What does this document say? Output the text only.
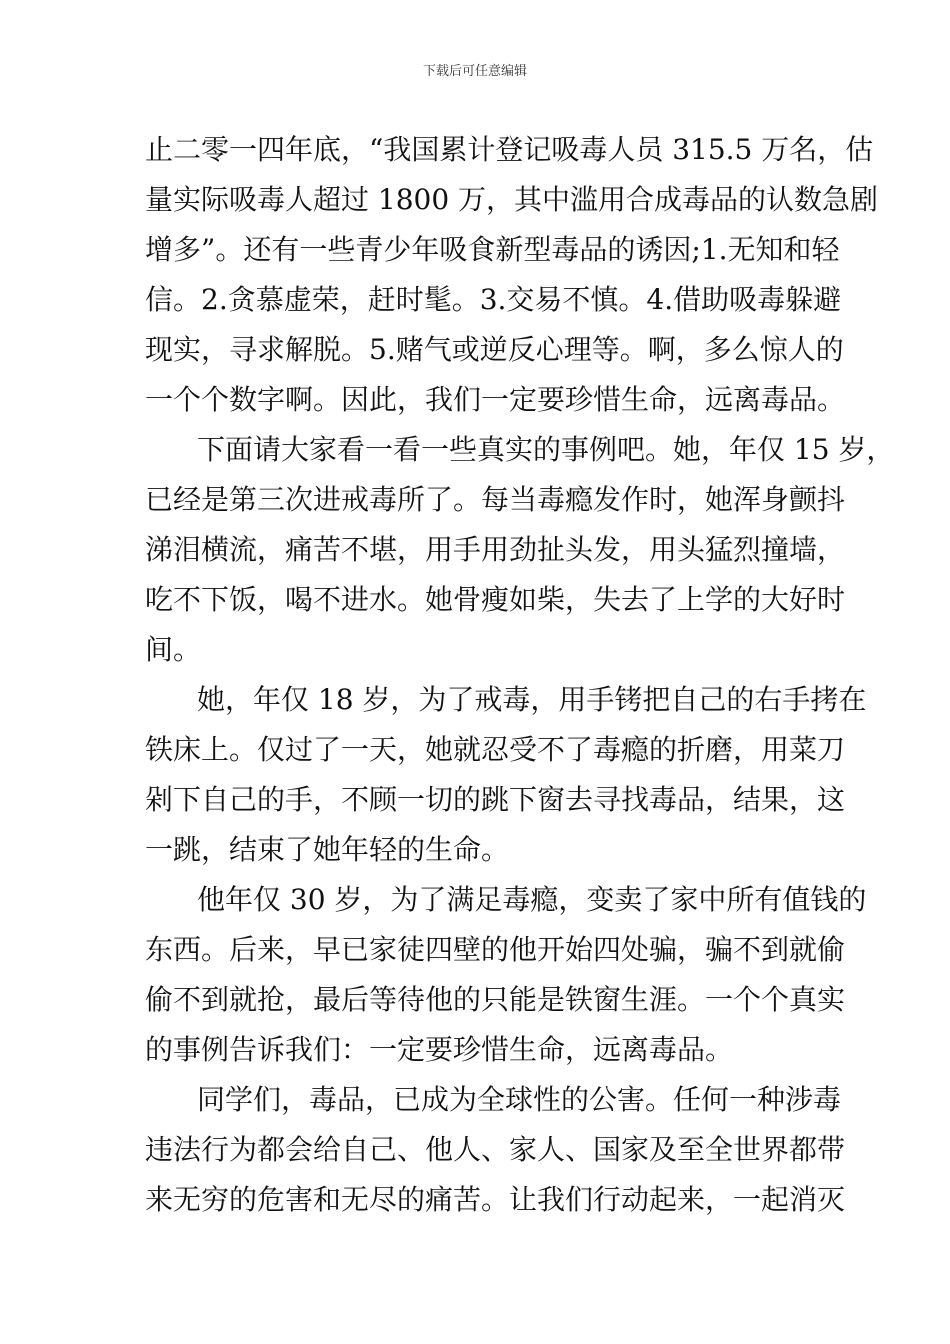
下载后可任意编辑
止二零一四年底，“我国累计登记吸毒人员 315.5 万名，估
量实际吸毒人超过 1800 万，其中滥用合成毒品的认数急剧
增多”。还有一些青少年吸食新型毒品的诱因;1.无知和轻
信。2.贪慕虚荣，赶时髦。3.交易不慎。4.借助吸毒躲避
现实，寻求解脱。5.赌气或逆反心理等。啊，多么惊人的
一个个数字啊。因此，我们一定要珍惜生命，远离毒品。
下面请大家看一看一些真实的事例吧。她，年仅 15 岁，
已经是第三次进戒毒所了。每当毒瘾发作时，她浑身颤抖
涕泪横流，痛苦不堪，用手用劲扯头发，用头猛烈撞墙，
吃不下饭，喝不进水。她骨瘦如柴，失去了上学的大好时
间。
她，年仅 18 岁，为了戒毒，用手铐把自己的右手拷在
铁床上。仅过了一天，她就忍受不了毒瘾的折磨，用菜刀
剁下自己的手，不顾一切的跳下窗去寻找毒品，结果，这
一跳，结束了她年轻的生命。
他年仅 30 岁，为了满足毒瘾，变卖了家中所有值钱的
东西。后来，早已家徒四壁的他开始四处骗，骗不到就偷
偷不到就抢，最后等待他的只能是铁窗生涯。一个个真实
的事例告诉我们：一定要珍惜生命，远离毒品。
同学们，毒品，已成为全球性的公害。任何一种涉毒
违法行为都会给自己、他人、家人、国家及至全世界都带
来无穷的危害和无尽的痛苦。让我们行动起来，一起消灭
